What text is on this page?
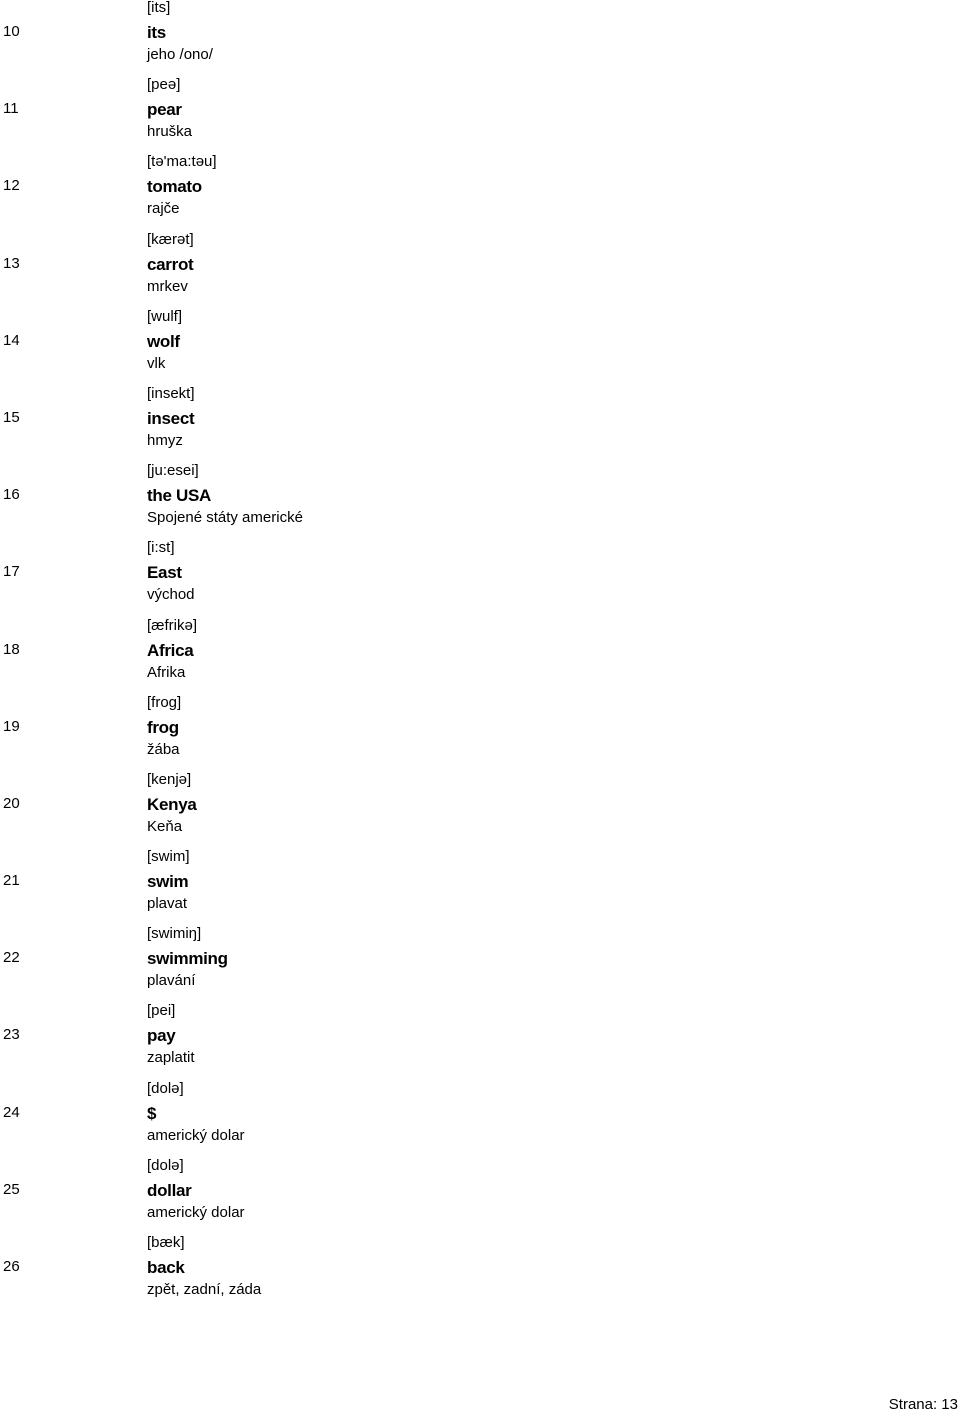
10
[its]
its
jeho /ono/
11
[peə]
pear
hruška
12
[tə'ma:təu]
tomato
rajče
13
[kærət]
carrot
mrkev
14
[wulf]
wolf
vlk
15
[insekt]
insect
hmyz
16
[ju:esei]
the USA
Spojené státy americké
17
[i:st]
East
východ
18
[æfrikə]
Africa
Afrika
19
[frog]
frog
žába
20
[kenjə]
Kenya
Keňa
21
[swim]
swim
plavat
22
[swimiŋ]
swimming
plavání
23
[pei]
pay
zaplatit
24
[dolə]
$
americký dolar
25
[dolə]
dollar
americký dolar
26
[bæk]
back
zpět, zadní, záda
Strana: 13
